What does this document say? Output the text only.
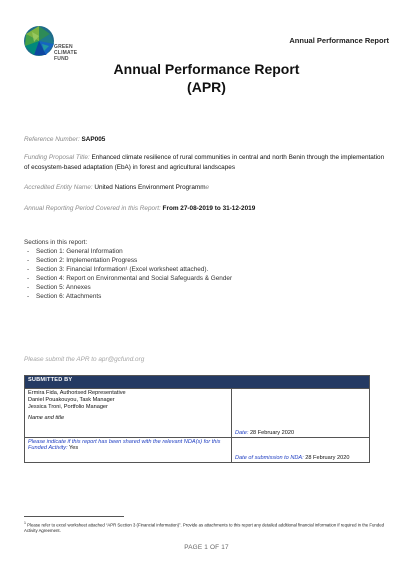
GREEN
CLIMATE
FUND
Annual Performance Report
Annual Performance Report
(APR)
Reference Number: SAP005
Funding Proposal Title: Enhanced climate resilience of rural communities in central and north Benin through the implementation of ecosystem-based adaptation (EbA) in forest and agricultural landscapes
Accredited Entity Name: United Nations Environment Programme
Annual Reporting Period Covered in this Report: From 27-08-2019 to 31-12-2019
Sections in this report:
- Section 1: General Information
- Section 2: Implementation Progress
- Section 3: Financial Information¹ (Excel worksheet attached).
- Section 4: Report on Environmental and Social Safeguards & Gender
- Section 5: Annexes
- Section 6: Attachments
Please submit the APR to apr@gcfund.org
SUBMITTED BY	

Ermira Fida, Authorised Representative
Daniel Pouakouyou, Task Manager
Jessica Troni, Portfolio Manager
Name and title	Date: 28 February 2020
Please indicate if this report has been shared with the relevant NDA(s) for this Funded Activity: Yes	Date of submission to NDA: 28 February 2020
$^1$ Please refer to excel worksheet attached “APR Section 3 (Financial information)”. Provide as attachments to this report any detailed additional financial information if required in the Funded Activity Agreement.
PAGE 1 OF 17
